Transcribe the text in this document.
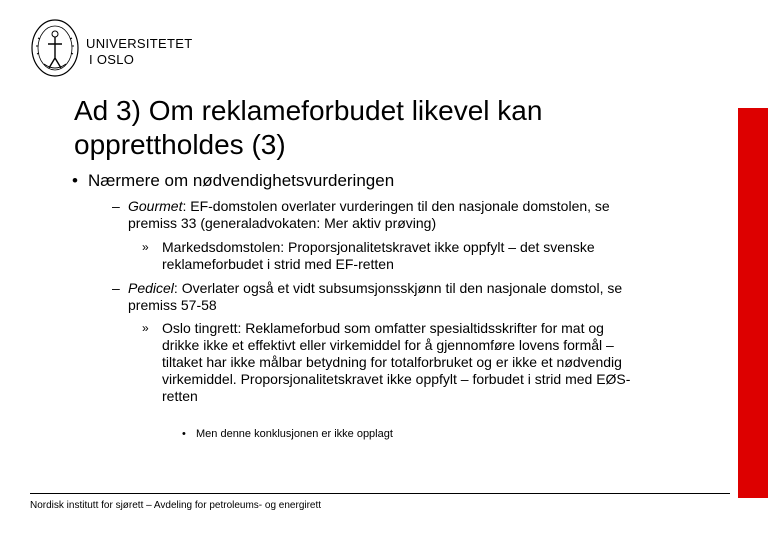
UNIVERSITETET
I OSLO
Ad 3) Om reklameforbudet likevel kan
opprettholdes (3)
• Nærmere om nødvendighetsvurderingen
– Gourmet: EF-domstolen overlater vurderingen til den nasjonale domstolen, se premiss 33 (generaladvokaten: Mer aktiv prøving)
» Markedsdomstolen: Proporsjonalitetskravet ikke oppfylt – det svenske reklameforbudet i strid med EF-retten
– Pedicel: Overlater også et vidt subsumsjonsskjønn til den nasjonale domstol, se premiss 57-58
» Oslo tingrett: Reklameforbud som omfatter spesialtidsskrifter for mat og drikke ikke et effektivt eller virkemiddel for å gjennomføre lovens formål – tiltaket har ikke målbar betydning for totalforbruket og er ikke et nødvendig virkemiddel. Proporsjonalitetskravet ikke oppfylt – forbudet i strid med EØS-retten
• Men denne konklusjonen er ikke opplagt
Nordisk institutt for sjørett – Avdeling for petroleums- og energirett
